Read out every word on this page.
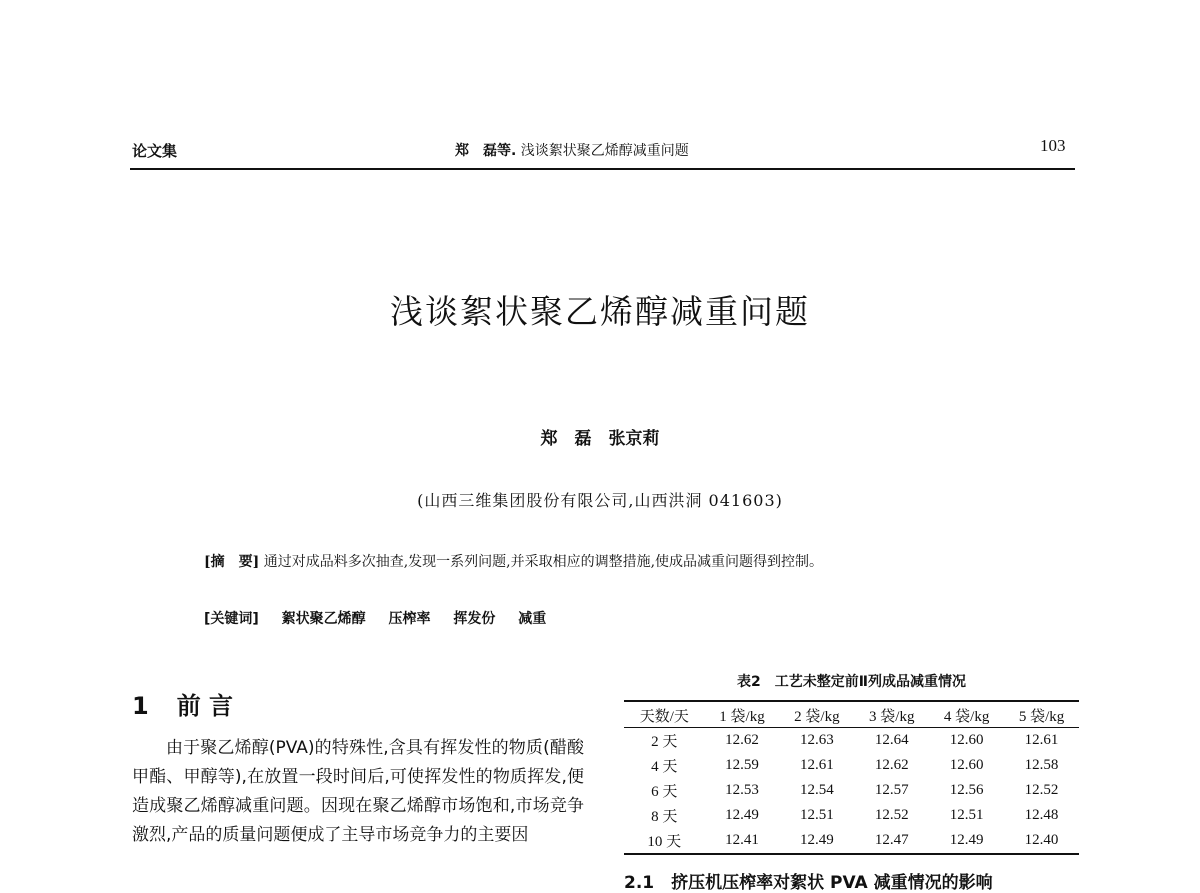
论文集	郑　磊等. 浅谈絮状聚乙烯醇减重问题	103
浅谈絮状聚乙烯醇减重问题
郑　磊　张京莉
(山西三维集团股份有限公司,山西洪洞 041603)

[摘　要] 通过对成品料多次抽查,发现一系列问题,并采取相应的调整措施,使成品减重问题得到控制。

[关键词] 絮状聚乙烯醇 压榨率 挥发份 减重
1 前 言

由于聚乙烯醇(PVA)的特殊性,含具有挥发性的物质(醋酸甲酯、甲醇等),在放置一段时间后,可使挥发性的物质挥发,便造成聚乙烯醇减重问题。因现在聚乙烯醇市场饱和,市场竞争激烈,产品的质量问题便成了主导市场竞争力的主要因

表2　工艺未整定前Ⅱ列成品减重情况
天数/天	1 袋/kg	2 袋/kg	3 袋/kg	4 袋/kg	5 袋/kg
2 天	12.62	12.63	12.64	12.60	12.61
4 天	12.59	12.61	12.62	12.60	12.58
6 天	12.53	12.54	12.57	12.56	12.52
8 天	12.49	12.51	12.52	12.51	12.48
10 天	12.41	12.49	12.47	12.49	12.40
2.1　挤压机压榨率对絮状 PVA 减重情况的影响
